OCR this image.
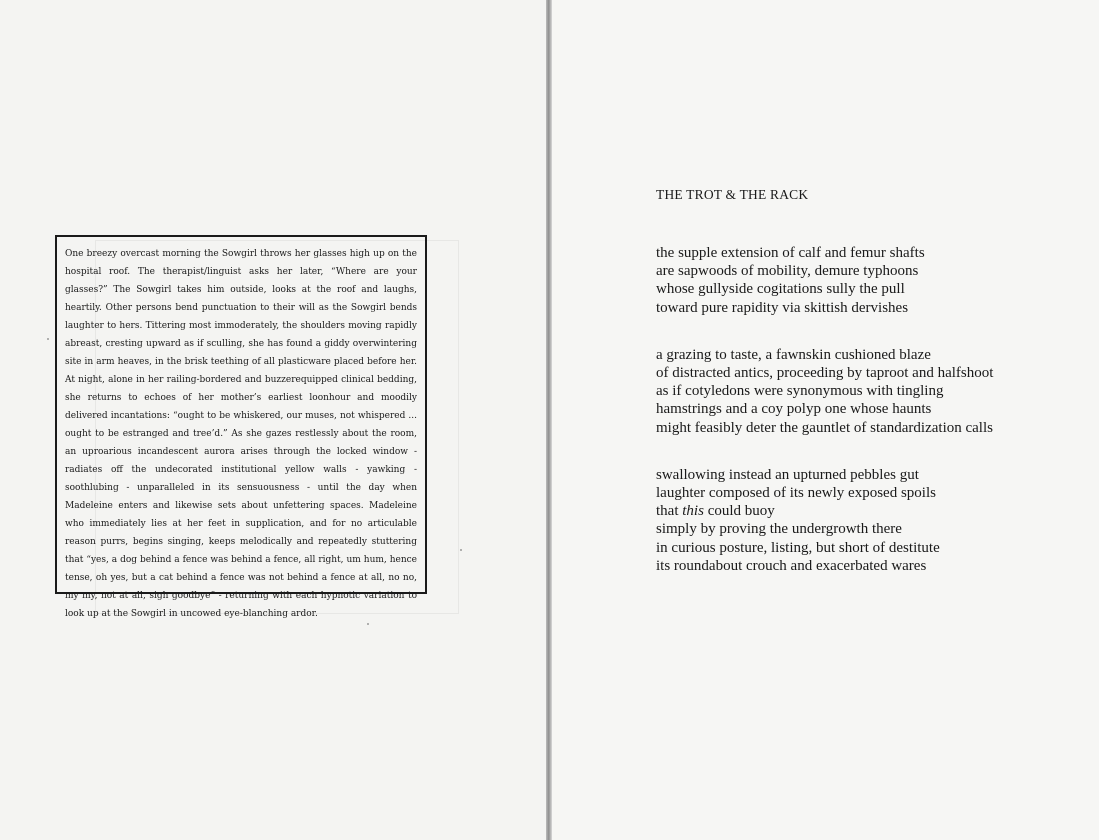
One breezy overcast morning the Sowgirl throws her glasses high up on the hospital roof. The therapist/linguist asks her later, “Where are your glasses?” The Sowgirl takes him outside, looks at the roof and laughs, heartily. Other persons bend punctuation to their will as the Sowgirl bends laughter to hers. Tittering most immoderately, the shoulders moving rapidly abreast, cresting upward as if sculling, she has found a giddy overwintering site in arm heaves, in the brisk teething of all plasticware placed before her. At night, alone in her railing-bordered and buzzerequipped clinical bedding, she returns to echoes of her mother’s earliest loonhour and moodily delivered incantations: “ought to be whiskered, our muses, not whispered ... ought to be estranged and tree’d.” As she gazes restlessly about the room, an uproarious incandescent aurora arises through the locked window - radiates off the undecorated institutional yellow walls - yawking - soothlubing - unparalleled in its sensuousness - until the day when Madeleine enters and likewise sets about unfettering spaces. Madeleine who immediately lies at her feet in supplication, and for no articulable reason purrs, begins singing, keeps melodically and repeatedly stuttering that “yes, a dog behind a fence was behind a fence, all right, um hum, hence tense, oh yes, but a cat behind a fence was not behind a fence at all, no no, my my, not at all, sigh goodbye” - returning with each hypnotic variation to look up at the Sowgirl in uncowed eye-blanching ardor.

THE TROT & THE RACK
the supple extension of calf and femur shafts
are sapwoods of mobility, demure typhoons
whose gullyside cogitations sully the pull
toward pure rapidity via skittish dervishes
a grazing to taste, a fawnskin cushioned blaze
of distracted antics, proceeding by taproot and halfshoot
as if cotyledons were synonymous with tingling
hamstrings and a coy polyp one whose haunts
might feasibly deter the gauntlet of standardization calls
swallowing instead an upturned pebbles gut
laughter composed of its newly exposed spoils
that this could buoy
simply by proving the undergrowth there
in curious posture, listing, but short of destitute
its roundabout crouch and exacerbated wares
